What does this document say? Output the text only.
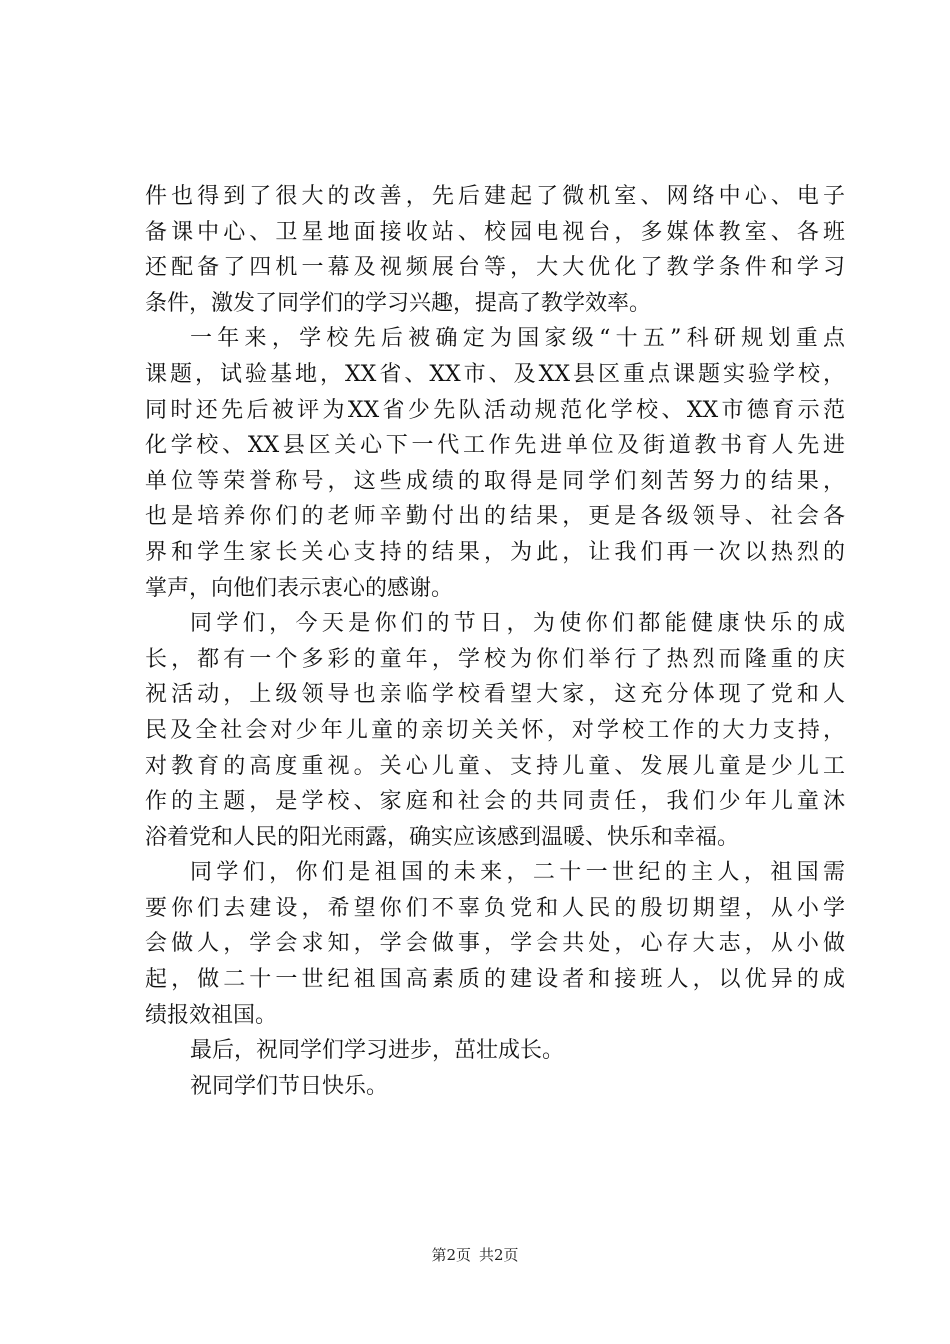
件也得到了很大的改善，先后建起了微机室、网络中心、电子
备课中心、卫星地面接收站、校园电视台，多媒体教室、各班
还配备了四机一幕及视频展台等，大大优化了教学条件和学习
条件，激发了同学们的学习兴趣，提高了教学效率。
一年来，学校先后被确定为国家级“十五”科研规划重点
课题，试验基地，XX省、XX市、及XX县区重点课题实验学校，
同时还先后被评为XX省少先队活动规范化学校、XX市德育示范
化学校、XX县区关心下一代工作先进单位及街道教书育人先进
单位等荣誉称号，这些成绩的取得是同学们刻苦努力的结果，
也是培养你们的老师辛勤付出的结果，更是各级领导、社会各
界和学生家长关心支持的结果，为此，让我们再一次以热烈的
掌声，向他们表示衷心的感谢。
同学们，今天是你们的节日，为使你们都能健康快乐的成
长，都有一个多彩的童年，学校为你们举行了热烈而隆重的庆
祝活动，上级领导也亲临学校看望大家，这充分体现了党和人
民及全社会对少年儿童的亲切关关怀，对学校工作的大力支持，
对教育的高度重视。关心儿童、支持儿童、发展儿童是少儿工
作的主题，是学校、家庭和社会的共同责任，我们少年儿童沐
浴着党和人民的阳光雨露，确实应该感到温暖、快乐和幸福。
同学们，你们是祖国的未来，二十一世纪的主人，祖国需
要你们去建设，希望你们不辜负党和人民的殷切期望，从小学
会做人，学会求知，学会做事，学会共处，心存大志，从小做
起，做二十一世纪祖国高素质的建设者和接班人，以优异的成
绩报效祖国。
最后，祝同学们学习进步，茁壮成长。
祝同学们节日快乐。
第2页 共2页
